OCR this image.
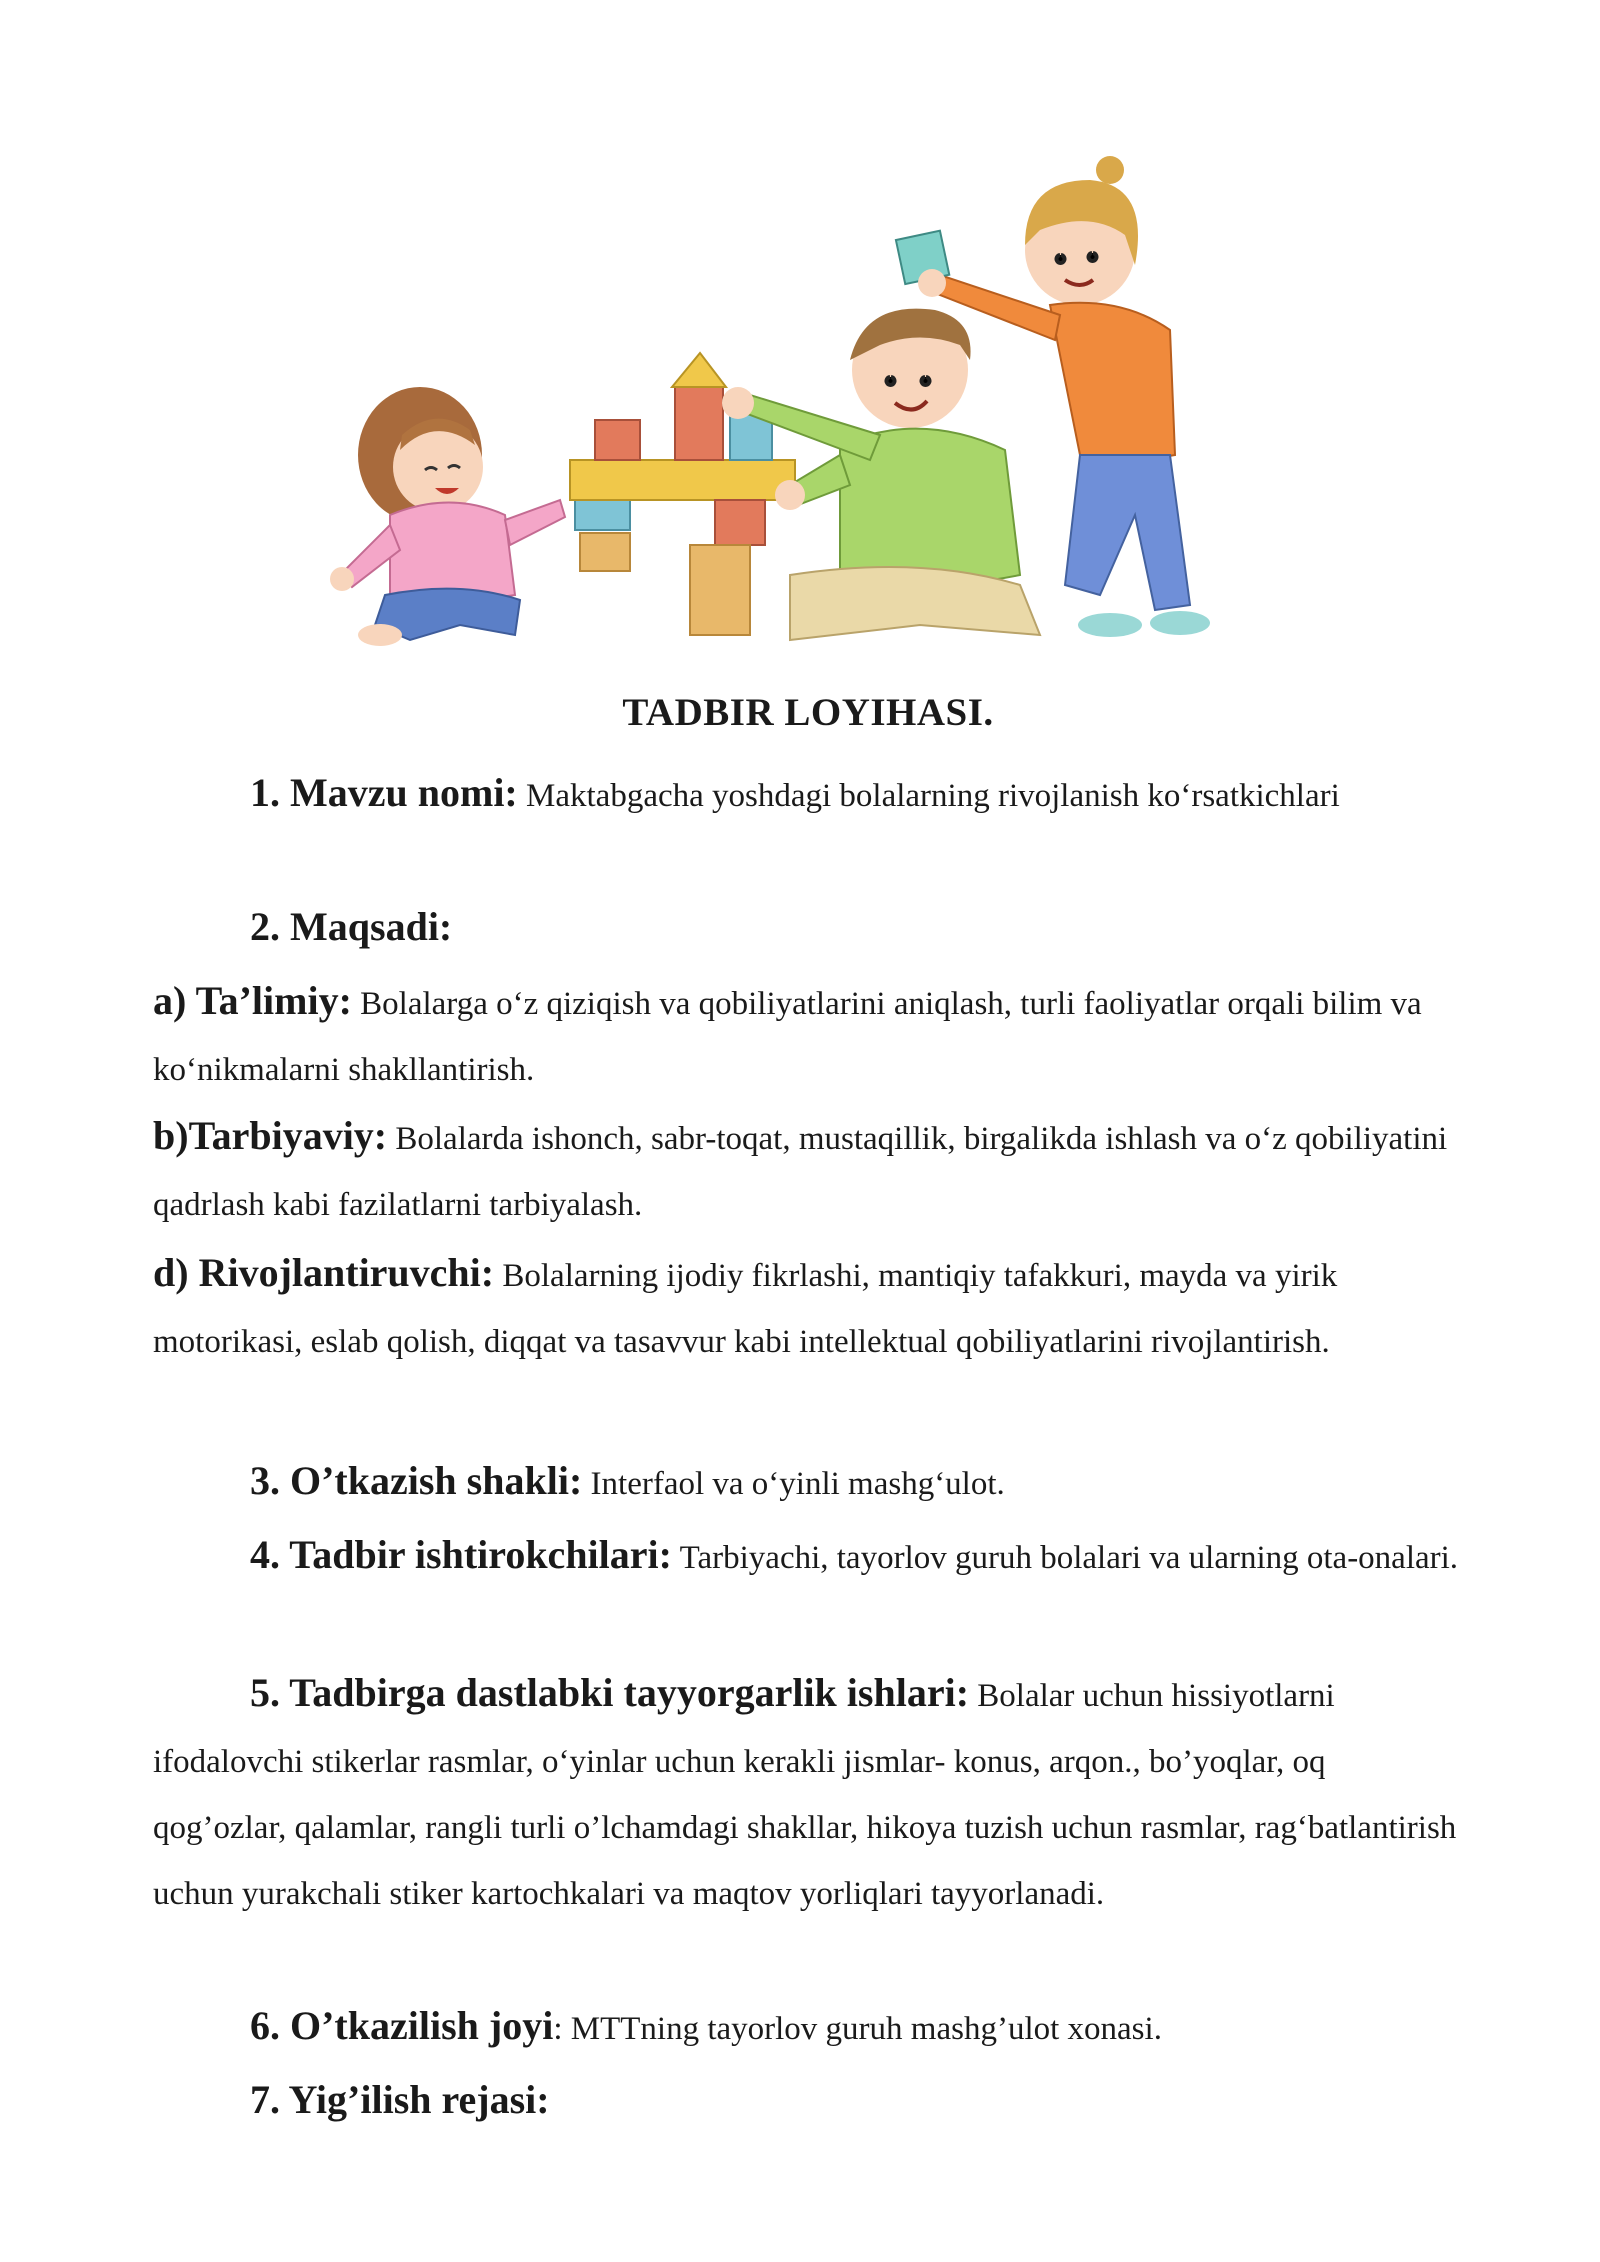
TADBIR LOYIHASI.
1. Mavzu nomi: Maktabgacha yoshdagi bolalarning rivojlanish ko‘rsatkichlari
2. Maqsadi:
a) Ta’limiy: Bolalarga o‘z qiziqish va qobiliyatlarini aniqlash, turli faoliyatlar orqali bilim va ko‘nikmalarni shakllantirish.
b)Tarbiyaviy: Bolalarda ishonch, sabr-toqat, mustaqillik, birgalikda ishlash va o‘z qobiliyatini qadrlash kabi fazilatlarni tarbiyalash.
d) Rivojlantiruvchi: Bolalarning ijodiy fikrlashi, mantiqiy tafakkuri, mayda va yirik motorikasi, eslab qolish, diqqat va tasavvur kabi intellektual qobiliyatlarini rivojlantirish.
3. O’tkazish shakli: Interfaol va o‘yinli mashg‘ulot.
4. Tadbir ishtirokchilari: Tarbiyachi, tayorlov guruh bolalari va ularning ota-onalari.
5. Tadbirga dastlabki tayyorgarlik ishlari: Bolalar uchun hissiyotlarni ifodalovchi stikerlar rasmlar, o‘yinlar uchun kerakli jismlar- konus, arqon., bo’yoqlar, oq qog’ozlar, qalamlar, rangli turli o’lchamdagi shakllar, hikoya tuzish uchun rasmlar, rag‘batlantirish uchun yurakchali stiker kartochkalari va maqtov yorliqlari tayyorlanadi.
6. O’tkazilish joyi: MTTning tayorlov guruh mashg’ulot xonasi.
7. Yig’ilish rejasi:
